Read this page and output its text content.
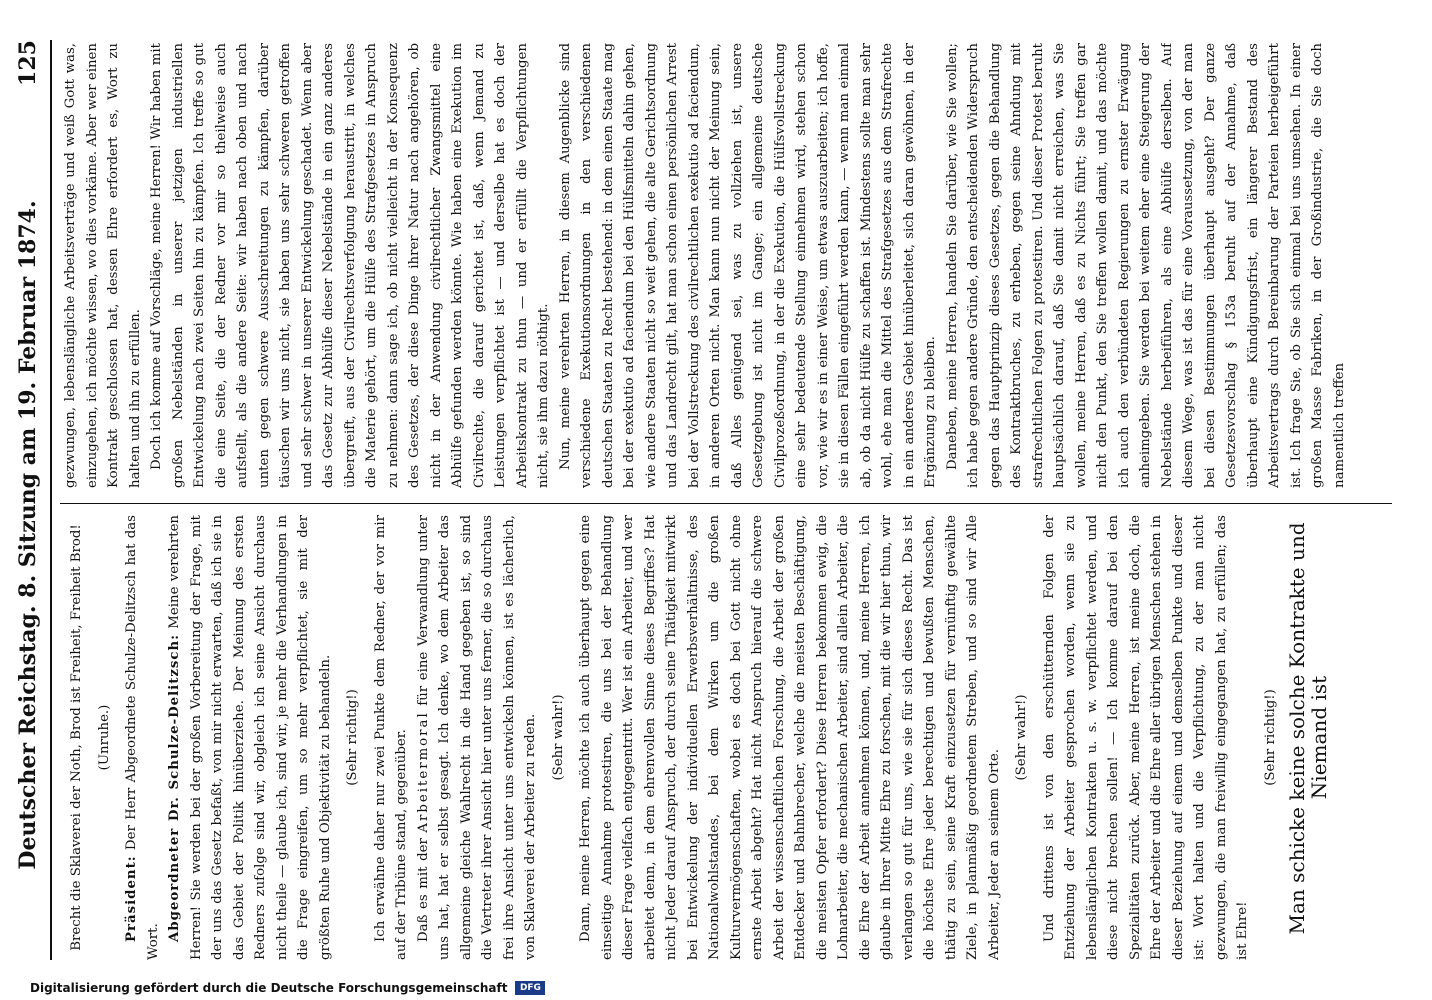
Deutscher Reichstag. 8. Sitzung am 19. Februar 1874.
125

Brecht die Sklaverei der Noth, Brod ist Freiheit, Freiheit Brod! (Unruhe.)

Präsident: Der Herr Abgeordnete Schulze-Delitzsch hat das Wort. Abgeordneter Dr. Schulze-Delitzsch: Meine verehrten Herren! Sie werden bei der großen Vorbereitung der Frage, mit der uns das Gesetz befaßt, von mir nicht erwarten, daß ich sie in das Gebiet der Politik hinüberziehe. Der Meinung des ersten Redners zufolge sind wir, obgleich ich seine Ansicht durchaus nicht theile — glaube ich, sind wir, je mehr die Verhandlungen in die Frage eingreifen, um so mehr verpflichtet, sie mit der größten Ruhe und Objektivität zu behandeln. (Sehr richtig!) Ich erwähne daher nur zwei Punkte dem Redner, der vor mir auf der Tribüne stand, gegenüber. Daß es mit der Arbeitermoral für eine Verwandlung unter uns hat, hat er selbst gesagt. Ich denke, wo dem Arbeiter das allgemeine gleiche Wahlrecht in die Hand gegeben ist, so sind die Vertreter ihrer Ansicht hier unter uns ferner, die so durchaus frei ihre Ansicht unter uns entwickeln können, ist es lächerlich, von Sklaverei der Arbeiter zu reden. (Sehr wahr!) Dann, meine Herren, möchte ich auch überhaupt gegen eine einseitige Annahme protestiren, die uns bei der Behandlung dieser Frage vielfach entgegentritt. Wer ist ein Arbeiter, und wer arbeitet denn, in dem ehrenvollen Sinne dieses Begriffes? Hat nicht Jeder darauf Anspruch, der durch seine Thätigkeit mitwirkt bei Entwickelung der individuellen Erwerbsverhältnisse, des Nationalwohlstandes, bei dem Wirken um die großen Kulturvermögenschaften, wobei es doch bei Gott nicht ohne ernste Arbeit abgeht? Hat nicht Anspruch hierauf die schwere Arbeit der wissenschaftlichen Forschung, die Arbeit der großen Entdecker und Bahnbrecher, welche die meisten Beschäftigung, die meisten Opfer erfordert? Diese Herren bekommen ewig, die Lohnarbeiter, die mechanischen Arbeiter, sind allein Arbeiter, die die Ehre der Arbeit annehmen können, und, meine Herren, ich glaube in Ihrer Mitte Ehre zu forschen, mit die wir hier thun, wir verlangen so gut für uns, wie sie für sich dieses Recht. Das ist die höchste Ehre jeder berechtigen und bewußten Menschen, thätig zu sein, seine Kraft einzusetzen für vernünftig gewählte Ziele, in planmäßig geordnetem Streben, und so sind wir Alle Arbeiter, Jeder an seinem Orte.

(Sehr wahr!) Und drittens ist von den erschütternden Folgen der Entziehung der Arbeiter gesprochen worden, wenn sie zu lebenslänglichen Kontrakten u. s. w. verpflichtet werden, und diese nicht brechen sollen! — Ich komme darauf bei den Spezialitäten zurück. Aber, meine Herren, ist meine doch, die Ehre der Arbeiter und die Ehre aller übrigen Menschen stehen in dieser Beziehung auf einem und demselben Punkte und dieser ist: Wort halten und die Verpflichtung, zu der man nicht gezwungen, die man freiwillig eingegangen hat, zu erfüllen; das ist Ehre!

(Sehr richtig!) Man schicke keine solche Kontrakte und Niemand ist

gezwungen, lebenslängliche Arbeitsverträge und weiß Gott was, einzugehen, ich möchte wissen, wo dies vorkäme. Aber wer einen Kontrakt geschlossen hat, dessen Ehre erfordert es, Wort zu halten und ihn zu erfüllen. Doch ich komme auf Vorschläge, meine Herren! Wir haben mit großen Nebelständen in unserer jetzigen industriellen Entwickelung nach zwei Seiten hin zu kämpfen. Ich treffe so gut die eine Seite, die der Redner vor mir so theilweise auch aufstellt, als die andere Seite: wir haben nach oben und nach unten gegen schwere Ausschreitungen zu kämpfen, darüber täuschen wir uns nicht, sie haben uns sehr schweren getroffen und sehr schwer in unserer Entwickelung geschadet. Wenn aber das Gesetz zur Abhülfe dieser Nebelstände in ein ganz anderes übergreift, aus der Civilrechtsverfolgung heraustritt, in welches die Materie gehört, um die Hülfe des Strafgesetzes in Anspruch zu nehmen: dann sage ich, ob nicht vielleicht in der Konsequenz des Gesetzes, der diese Dinge ihrer Natur nach angehören, ob nicht in der Anwendung civilrechtlicher Zwangsmittel eine Abhülfe gefunden werden könnte. Wie haben eine Exekution im Civilrechte, die darauf gerichtet ist, daß, wenn Jemand zu Leistungen verpflichtet ist — und derselbe hat es doch der Arbeitskontrakt zu thun — und er erfüllt die Verpflichtungen nicht, sie ihm dazu nöthigt. Nun, meine verehrten Herren, in diesem Augenblicke sind verschiedene Exekutionsordnungen in den verschiedenen deutschen Staaten zu Recht bestehend: in dem einen Staate mag bei der exekutio ad faciendum bei den Hülfsmitteln dahin gehen, wie andere Staaten nicht so weit gehen, die alte Gerichtsordnung und das Landrecht gilt, hat man schon einen persönlichen Arrest bei der Vollstreckung des civilrechtlichen exekutio ad faciendum, in anderen Orten nicht. Man kann nun nicht der Meinung sein, daß Alles genügend sei, was zu vollziehen ist, unsere Gesetzgebung ist nicht im Gange; ein allgemeine deutsche Civilprozeßordnung, in der die Exekution, die Hülfsvollstreckung eine sehr bedeutende Stellung einnehmen wird, stehen schon vor, wie wir es in einer Weise, um etwas auszuarbeiten; ich hoffe, sie in diesen Fällen eingeführt werden kann, — wenn man einmal ab, ob da nicht Hülfe zu schaffen ist. Mindestens sollte man sehr wohl, ehe man die Mittel des Strafgesetzes aus dem Strafrechte in ein anderes Gebiet hinüberleitet, sich daran gewöhnen, in der Ergänzung zu bleiben. Daneben, meine Herren, handeln Sie darüber, wie Sie wollen; ich habe gegen andere Gründe, den entscheidenden Widerspruch gegen das Hauptprinzip dieses Gesetzes, gegen die Behandlung des Kontraktbruches, zu erheben, gegen seine Ahndung mit strafrechtlichen Folgen zu protestiren. Und dieser Protest beruht hauptsächlich darauf, daß Sie damit nicht erreichen, was Sie wollen, meine Herren, daß es zu Nichts führt; Sie treffen gar nicht den Punkt, den Sie treffen wollen damit, und das möchte ich auch den verbündeten Regierungen zu ernster Erwägung anheimgeben. Sie werden bei weitem eher eine Steigerung der Nebelstände herbeiführen, als eine Abhülfe derselben. Auf diesem Wege, was ist das für eine Voraussetzung, von der man bei diesen Bestimmungen überhaupt ausgeht? Der ganze Gesetzesvorschlag § 153a beruht auf der Annahme, daß überhaupt eine Kündigungsfrist, ein längerer Bestand des Arbeitsvertrags durch Bereinbarung der Parteien herbeigeführt ist. Ich frage Sie, ob Sie sich einmal bei uns umsehen. In einer großen Masse Fabriken, in der Großindustrie, die Sie doch namentlich treffen

Digitalisierung gefördert durch die Deutsche Forschungsgemeinschaft	DFG
